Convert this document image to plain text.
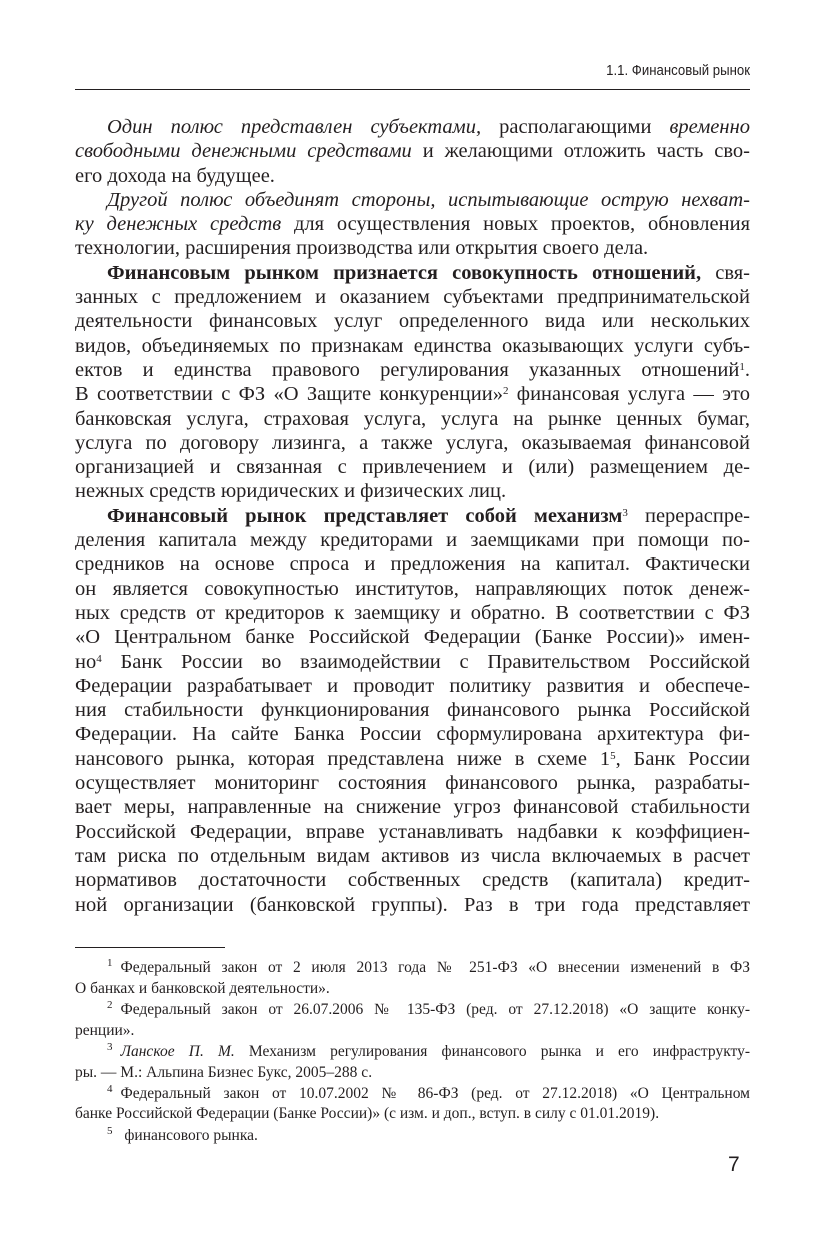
1.1. Финансовый рынок
Один полюс представлен субъектами, располагающими временно
свободными денежными средствами и желающими отложить часть сво-
его дохода на будущее.
Другой полюс объединят стороны, испытывающие острую нехват-
ку денежных средств для осуществления новых проектов, обновления
технологии, расширения производства или открытия своего дела.
Финансовым рынком признается совокупность отношений, свя-
занных с предложением и оказанием субъектами предпринимательской
деятельности финансовых услуг определенного вида или нескольких
видов, объединяемых по признакам единства оказывающих услуги субъ-
ектов и единства правового регулирования указанных отношений$^1$.
В соответствии с ФЗ «О Защите конкуренции»$^2$ финансовая услуга — это
банковская услуга, страховая услуга, услуга на рынке ценных бумаг,
услуга по договору лизинга, а также услуга, оказываемая финансовой
организацией и связанная с привлечением и (или) размещением де-
нежных средств юридических и физических лиц.
Финансовый рынок представляет собой механизм$^3$ перераспре-
деления капитала между кредиторами и заемщиками при помощи по-
средников на основе спроса и предложения на капитал. Фактически
он является совокупностью институтов, направляющих поток денеж-
ных средств от кредиторов к заемщику и обратно. В соответствии с ФЗ
«О Центральном банке Российской Федерации (Банке России)» имен-
$но^4$ Банк России во взаимодействии с Правительством Российской
Федерации разрабатывает и проводит политику развития и обеспече-
ния стабильности функционирования финансового рынка Российской
Федерации. На сайте Банка России сформулирована архитектура фи-
нансового рынка, которая представлена ниже в схеме $1^5$, Банк России
осуществляет мониторинг состояния финансового рынка, разрабаты-
вает меры, направленные на снижение угроз финансовой стабильности
Российской Федерации, вправе устанавливать надбавки к коэффициен-
там риска по отдельным видам активов из числа включаемых в расчет
нормативов достаточности собственных средств (капитала) кредит-
ной организации (банковской группы). Раз в три года представляет
$^1$ Федеральный закон от 2 июля 2013 года № 251-ФЗ «О внесении изменений в ФЗ
О банках и банковской деятельности».
$^2$ Федеральный закон от 26.07.2006 № 135-ФЗ (ред. от 27.12.2018) «О защите конку-
ренции».
$^3$ Ланское П. М. Механизм регулирования финансового рынка и его инфраструкту-
ры. — М.: Альпина Бизнес Букс, 2005–288 с.
$^4$ Федеральный закон от 10.07.2002 № 86-ФЗ (ред. от 27.12.2018) «О Центральном
банке Российской Федерации (Банке России)» (с изм. и доп., вступ. в силу с 01.01.2019).
$^5$ финансового рынка.
7
